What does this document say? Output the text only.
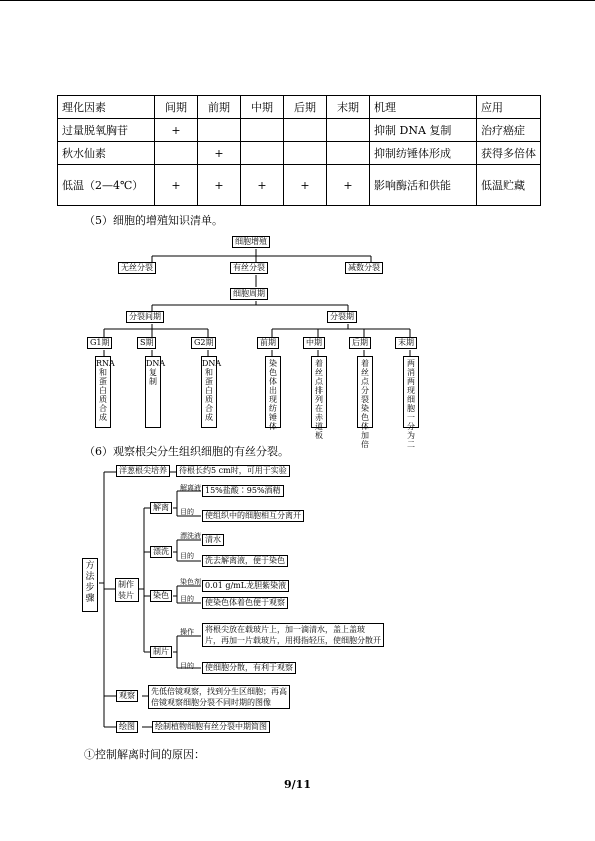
理化因素	间期	前期	中期	后期	末期	机理	应用
过量脱氧胸苷	+					抑制 DNA 复制	治疗癌症
秋水仙素		+				抑制纺锤体形成	获得多倍体
低温（2—4℃）	+	+	+	+	+	影响酶活和供能	低温贮藏
（5）细胞的增殖知识清单。
细胞增殖
无丝分裂	有丝分裂	减数分裂
细胞周期
分裂间期	分裂期
G1期	S期	G2期	前期	中期	后期	末期
RNA和蛋白质合成
DNA复制
DNA和蛋白质合成
染色体出现纺锤体
着丝点排列在赤道板
着丝点分裂染色体加倍
两消两现细胞一分为二
（6）观察根尖分生组织细胞的有丝分裂。
方法步骤
洋葱根尖培养	待根长约5 cm时，可用于实验
制作装片
解离
解离液 15%盐酸∶95%酒精
目的	使组织中的细胞相互分离开
漂洗
漂洗液 清水
目的	洗去解离液，便于染色
染色
染色剂 0.01 g/mL龙胆紫染液
目的	使染色体着色便于观察
制片
操作 将根尖放在载玻片上，加一滴清水，盖上盖玻
片，再加一片载玻片，用拇指轻压，使细胞分散开
目的	使细胞分散，有利于观察
观察	先低倍镜观察，找到分生区细胞；再高
倍镜观察细胞分裂不同时期的图像
绘图	绘制植物细胞有丝分裂中期简图
①控制解离时间的原因：
9/11
